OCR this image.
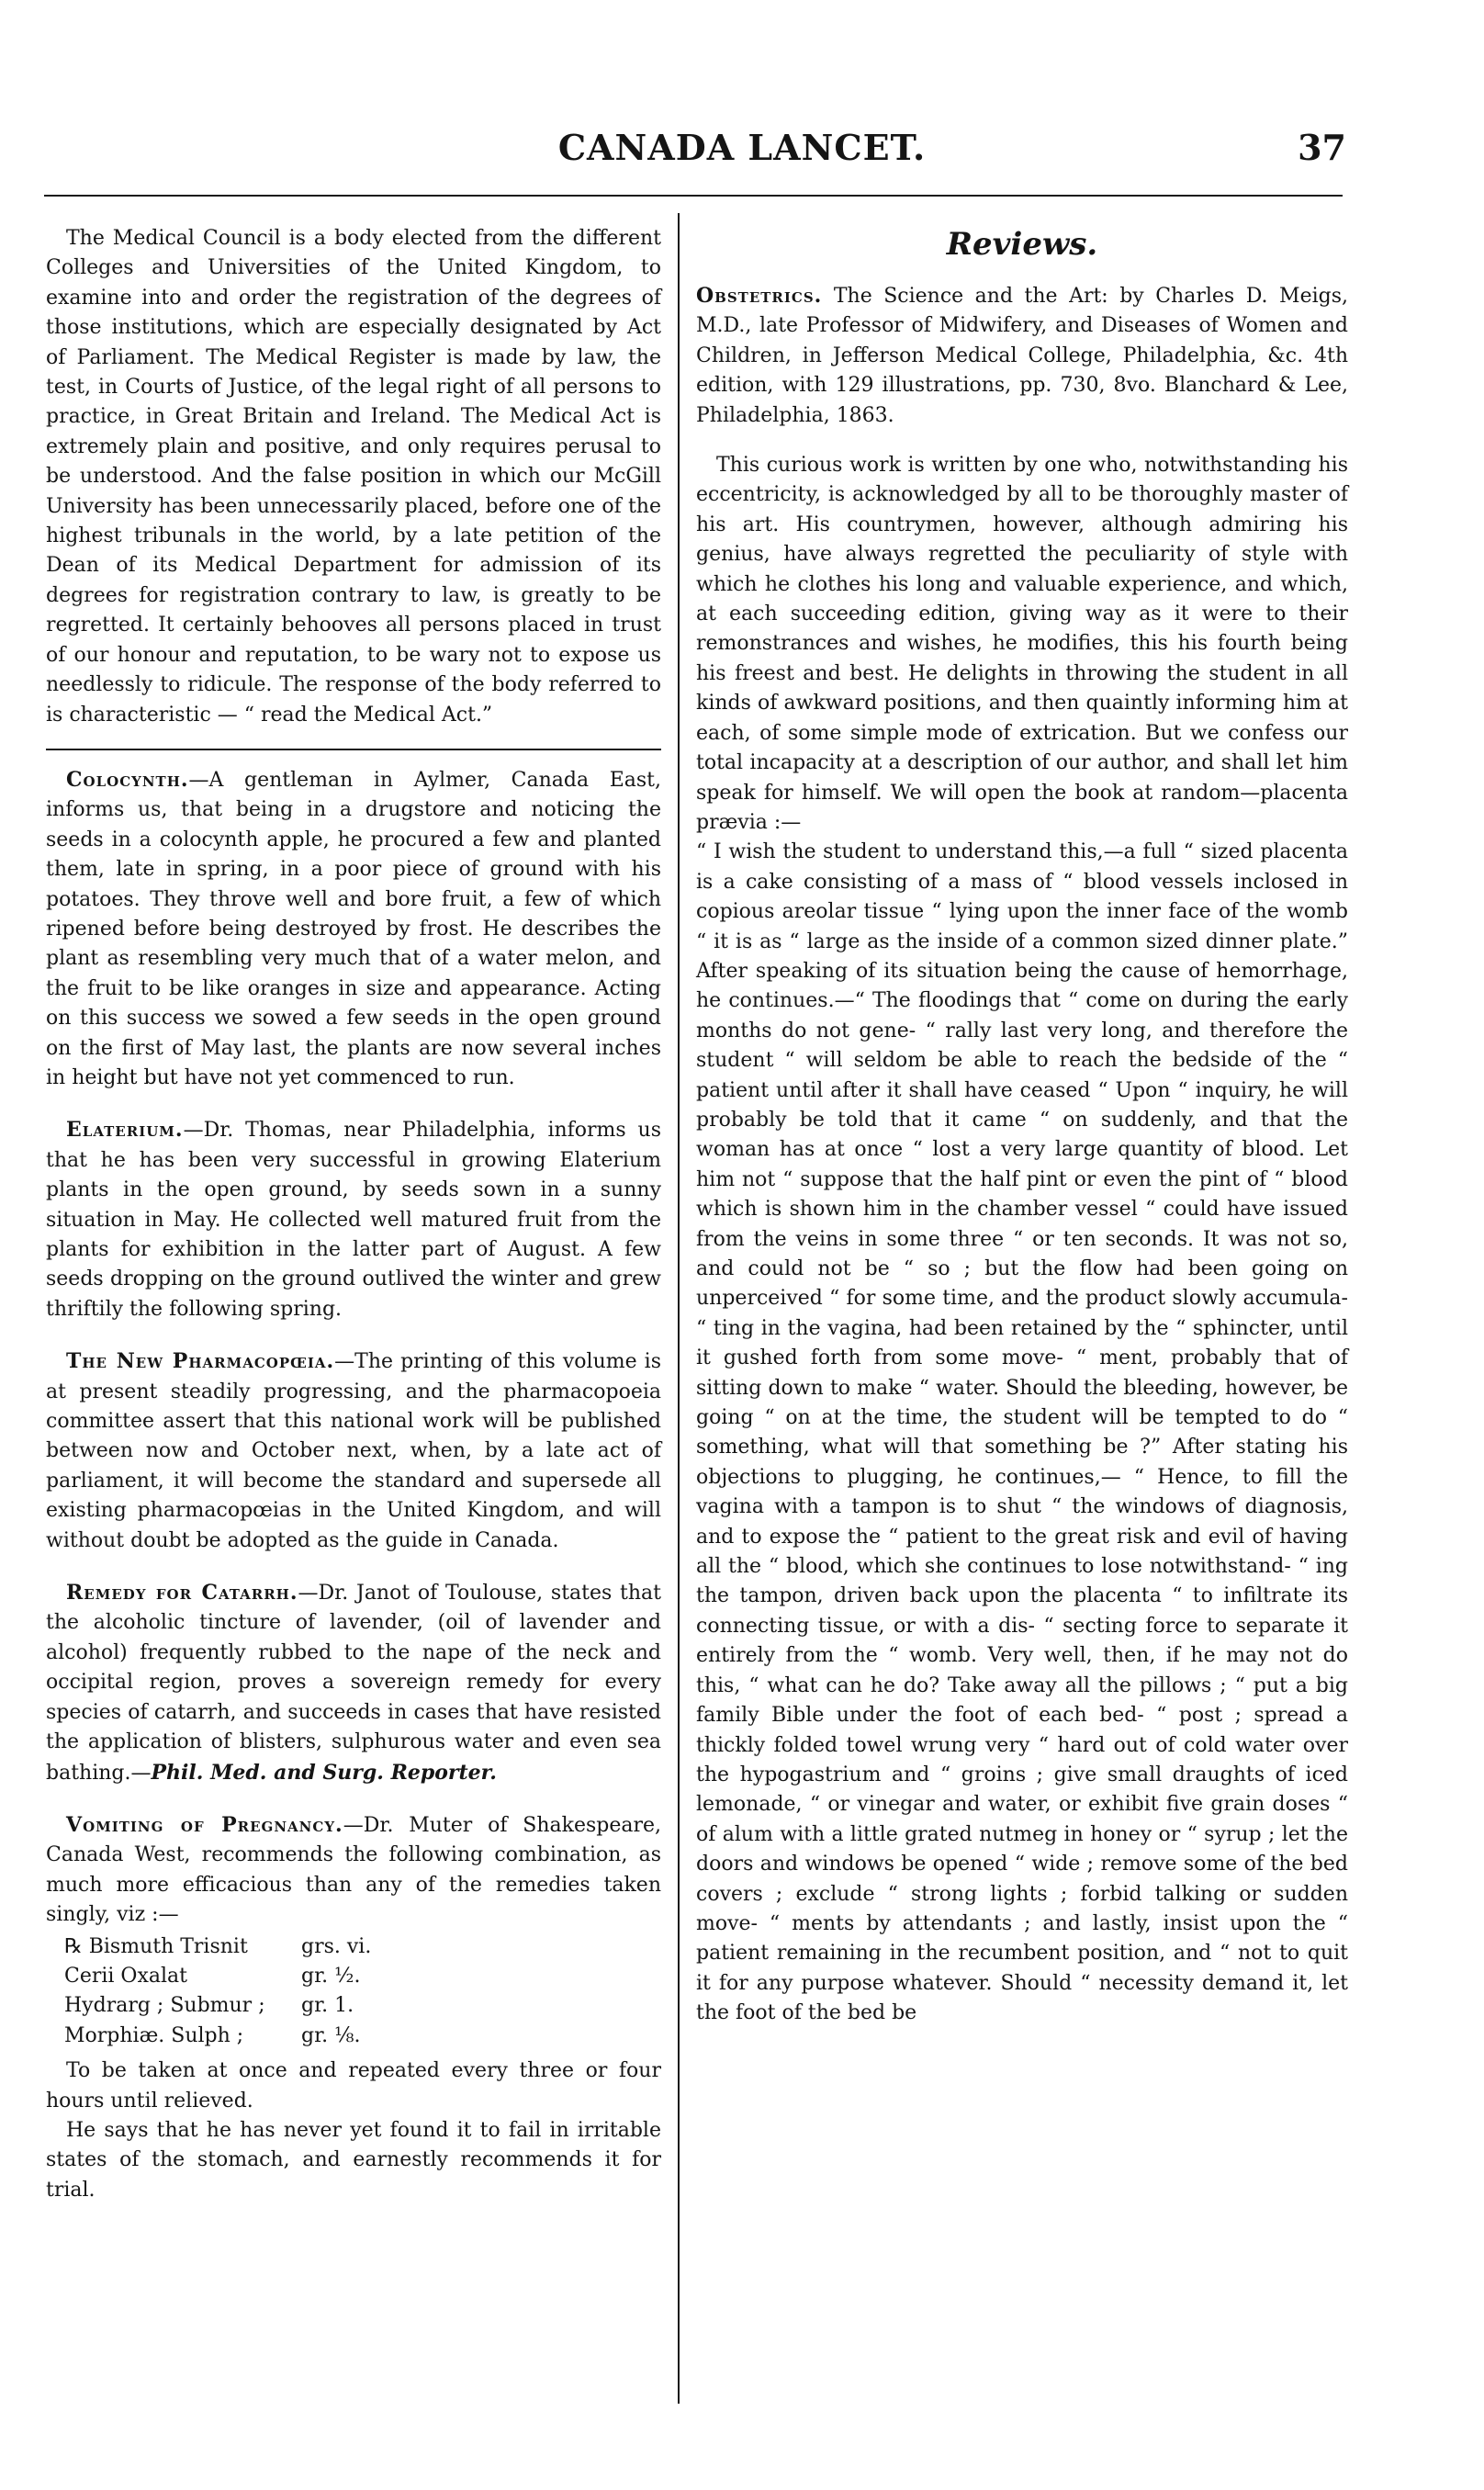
CANADA LANCET.	37

The Medical Council is a body elected from the different Colleges and Universities of the United Kingdom, to examine into and order the registration of the degrees of those institutions, which are especially designated by Act of Parliament. The Medical Register is made by law, the test, in Courts of Justice, of the legal right of all persons to practice, in Great Britain and Ireland. The Medical Act is extremely plain and positive, and only requires perusal to be understood. And the false position in which our McGill University has been unnecessarily placed, before one of the highest tribunals in the world, by a late petition of the Dean of its Medical Department for admission of its degrees for registration contrary to law, is greatly to be regretted. It certainly behooves all persons placed in trust of our honour and reputation, to be wary not to expose us needlessly to ridicule. The response of the body referred to is characteristic — “ read the Medical Act.”

Colocynth.—A gentleman in Aylmer, Canada East, informs us, that being in a drugstore and noticing the seeds in a colocynth apple, he procured a few and planted them, late in spring, in a poor piece of ground with his potatoes. They throve well and bore fruit, a few of which ripened before being destroyed by frost. He describes the plant as resembling very much that of a water melon, and the fruit to be like oranges in size and appearance. Acting on this success we sowed a few seeds in the open ground on the first of May last, the plants are now several inches in height but have not yet commenced to run.

Elaterium.—Dr. Thomas, near Philadelphia, informs us that he has been very successful in growing Elaterium plants in the open ground, by seeds sown in a sunny situation in May. He collected well matured fruit from the plants for exhibition in the latter part of August. A few seeds dropping on the ground outlived the winter and grew thriftily the following spring.

The New Pharmacopœia.—The printing of this volume is at present steadily progressing, and the pharmacopoeia committee assert that this national work will be published between now and October next, when, by a late act of parliament, it will become the standard and supersede all existing pharmacopœias in the United Kingdom, and will without doubt be adopted as the guide in Canada.

Remedy for Catarrh.—Dr. Janot of Toulouse, states that the alcoholic tincture of lavender, (oil of lavender and alcohol) frequently rubbed to the nape of the neck and occipital region, proves a sovereign remedy for every species of catarrh, and succeeds in cases that have resisted the application of blisters, sulphurous water and even sea bathing.—Phil. Med. and Surg. Reporter.

Vomiting of Pregnancy.—Dr. Muter of Shakespeare, Canada West, recommends the following combination, as much more efficacious than any of the remedies taken singly, viz :—

℞ Bismuth Trisnit	grs. vi.
Cerii Oxalat	gr. ½.
Hydrarg ; Submur ;	gr. 1.
Morphiæ. Sulph ;	gr. ⅛.

To be taken at once and repeated every three or four hours until relieved.

He says that he has never yet found it to fail in irritable states of the stomach, and earnestly recommends it for trial.

Reviews.

Obstetrics. The Science and the Art: by Charles D. Meigs, M.D., late Professor of Midwifery, and Diseases of Women and Children, in Jefferson Medical College, Philadelphia, &c. 4th edition, with 129 illustrations, pp. 730, 8vo. Blanchard & Lee, Philadelphia, 1863.

This curious work is written by one who, notwithstanding his eccentricity, is acknowledged by all to be thoroughly master of his art. His countrymen, however, although admiring his genius, have always regretted the peculiarity of style with which he clothes his long and valuable experience, and which, at each succeeding edition, giving way as it were to their remonstrances and wishes, he modifies, this his fourth being his freest and best. He delights in throwing the student in all kinds of awkward positions, and then quaintly informing him at each, of some simple mode of extrication. But we confess our total incapacity at a description of our author, and shall let him speak for himself. We will open the book at random—placenta prævia :—

“ I wish the student to understand this,—a full “ sized placenta is a cake consisting of a mass of “ blood vessels inclosed in copious areolar tissue “ lying upon the inner face of the womb “ it is as “ large as the inside of a common sized dinner plate.” After speaking of its situation being the cause of hemorrhage, he continues.—“ The floodings that “ come on during the early months do not gene- “ rally last very long, and therefore the student “ will seldom be able to reach the bedside of the “ patient until after it shall have ceased “ Upon “ inquiry, he will probably be told that it came “ on suddenly, and that the woman has at once “ lost a very large quantity of blood. Let him not “ suppose that the half pint or even the pint of “ blood which is shown him in the chamber vessel “ could have issued from the veins in some three “ or ten seconds. It was not so, and could not be “ so ; but the flow had been going on unperceived “ for some time, and the product slowly accumula- “ ting in the vagina, had been retained by the “ sphincter, until it gushed forth from some move- “ ment, probably that of sitting down to make “ water. Should the bleeding, however, be going “ on at the time, the student will be tempted to do “ something, what will that something be ?” After stating his objections to plugging, he continues,— “ Hence, to fill the vagina with a tampon is to shut “ the windows of diagnosis, and to expose the “ patient to the great risk and evil of having all the “ blood, which she continues to lose notwithstand- “ ing the tampon, driven back upon the placenta “ to infiltrate its connecting tissue, or with a dis- “ secting force to separate it entirely from the “ womb. Very well, then, if he may not do this, “ what can he do? Take away all the pillows ; “ put a big family Bible under the foot of each bed- “ post ; spread a thickly folded towel wrung very “ hard out of cold water over the hypogastrium and “ groins ; give small draughts of iced lemonade, “ or vinegar and water, or exhibit five grain doses “ of alum with a little grated nutmeg in honey or “ syrup ; let the doors and windows be opened “ wide ; remove some of the bed covers ; exclude “ strong lights ; forbid talking or sudden move- “ ments by attendants ; and lastly, insist upon the “ patient remaining in the recumbent position, and “ not to quit it for any purpose whatever. Should “ necessity demand it, let the foot of the bed be
